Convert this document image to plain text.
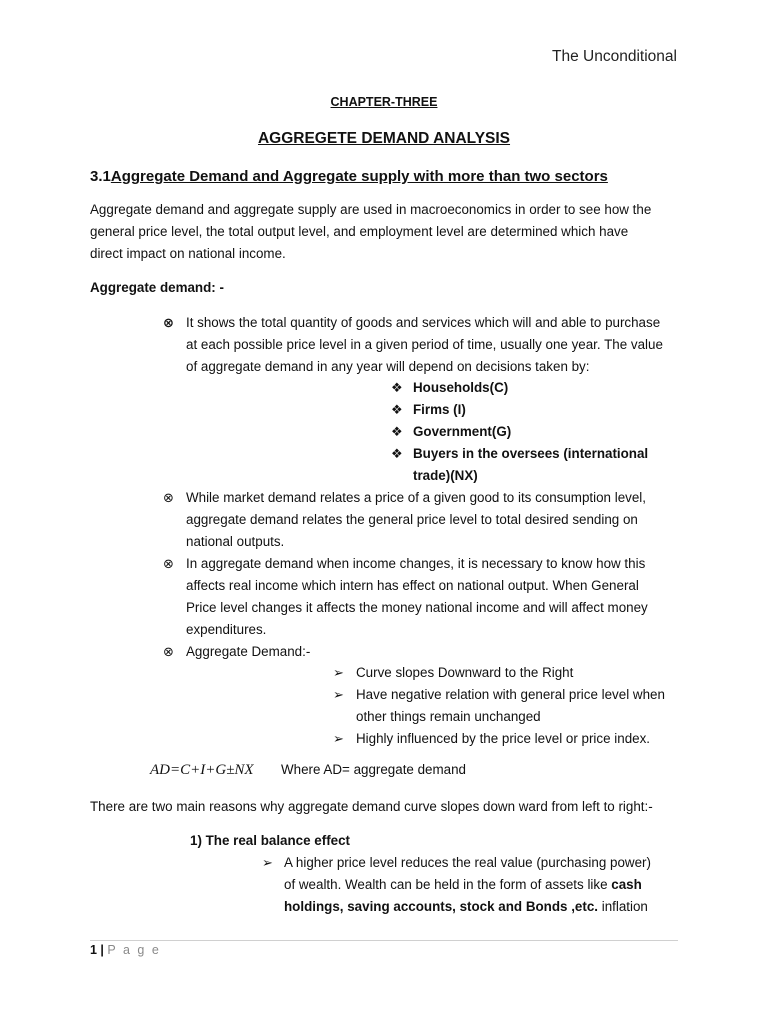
The Unconditional
CHAPTER-THREE
AGGREGETE DEMAND ANALYSIS
3.1Aggregate Demand and Aggregate supply with more than two sectors
Aggregate demand and aggregate supply are used in macroeconomics in order to see how the
general price level, the total output level, and employment level are determined which have
direct impact on national income.
Aggregate demand: -
⊗ It shows the total quantity of goods and services which will and able to purchase
at each possible price level in a given period of time, usually one year. The value
of aggregate demand in any year will depend on decisions taken by:
❖ Households(C)
❖ Firms (I)
❖ Government(G)
❖ Buyers in the oversees (international
trade)(NX)
⊗ While market demand relates a price of a given good to its consumption level,
aggregate demand relates the general price level to total desired sending on
national outputs.
⊗ In aggregate demand when income changes, it is necessary to know how this
affects real income which intern has effect on national output. When General
Price level changes it affects the money national income and will affect money
expenditures.
⊗ Aggregate Demand:-
➢ Curve slopes Downward to the Right
➢ Have negative relation with general price level when
other things remain unchanged
➢ Highly influenced by the price level or price index.
AD=C+I+G±NX Where AD= aggregate demand
There are two main reasons why aggregate demand curve slopes down ward from left to right:-
1) The real balance effect
➢ A higher price level reduces the real value (purchasing power)
of wealth. Wealth can be held in the form of assets like cash
holdings, saving accounts, stock and Bonds ,etc. inflation
1 | P a g e
